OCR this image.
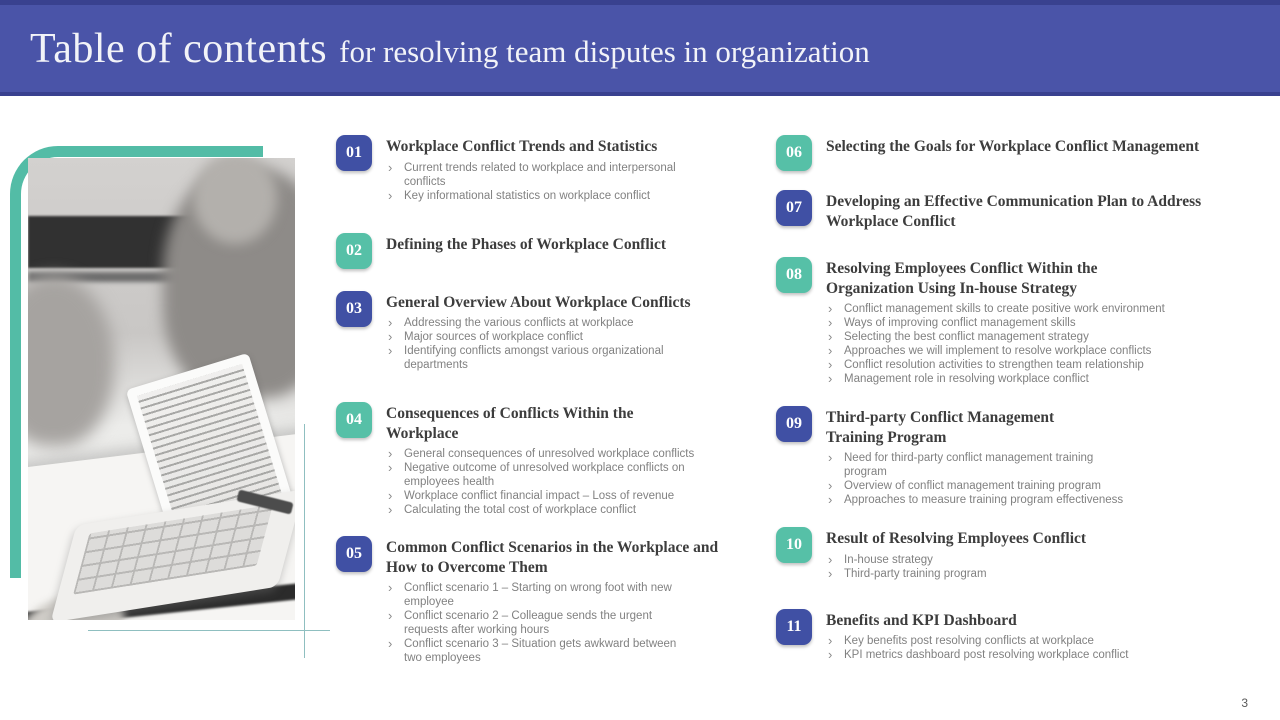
Table of contents for resolving team disputes in organization
01	Workplace Conflict Trends and Statistics
›	Current trends related to workplace and interpersonal conflicts
›	Key informational statistics on workplace conflict
02	Defining the Phases of Workplace Conflict
03	General Overview About Workplace Conflicts
›	Addressing the various conflicts at workplace
›	Major sources of workplace conflict
›	Identifying conflicts amongst various organizational departments
04	Consequences of Conflicts Within the Workplace
›	General consequences of unresolved workplace conflicts
›	Negative outcome of unresolved workplace conflicts on employees health
›	Workplace conflict financial impact – Loss of revenue
›	Calculating the total cost of workplace conflict
05	Common Conflict Scenarios in the Workplace and How to Overcome Them
›	Conflict scenario 1 – Starting on wrong foot with new employee
›	Conflict scenario 2 – Colleague sends the urgent requests after working hours
›	Conflict scenario 3 – Situation gets awkward between two employees
06	Selecting the Goals for Workplace Conflict Management
07	Developing an Effective Communication Plan to Address Workplace Conflict
08	Resolving Employees Conflict Within the Organization Using In-house Strategy
›	Conflict management skills to create positive work environment
›	Ways of improving conflict management skills
›	Selecting the best conflict management strategy
›	Approaches we will implement to resolve workplace conflicts
›	Conflict resolution activities to strengthen team relationship
›	Management role in resolving workplace conflict
09	Third-party Conflict Management Training Program
›	Need for third-party conflict management training program
›	Overview of conflict management training program
›	Approaches to measure training program effectiveness
10	Result of Resolving Employees Conflict
›	In-house strategy
›	Third-party training program
11	Benefits and KPI Dashboard
›	Key benefits post resolving conflicts at workplace
›	KPI metrics dashboard post resolving workplace conflict
3
